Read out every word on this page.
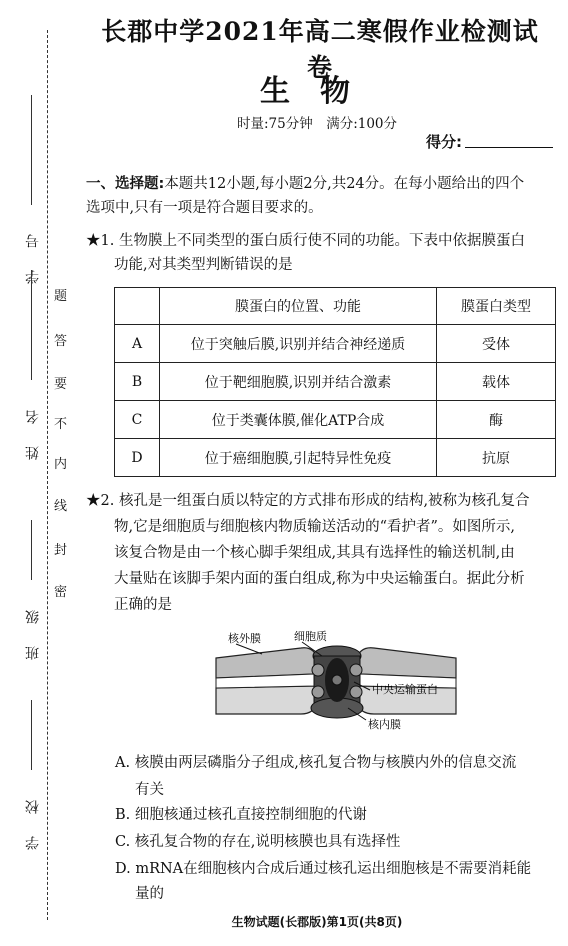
题
答
要
不
内
线
封
密
学号
姓名
班级
学校
长郡中学2021年高二寒假作业检测试卷
生　物
时量:75分钟　满分:100分
得分:
一、选择题:本题共12小题,每小题2分,共24分。在每小题给出的四个
选项中,只有一项是符合题目要求的。
★1. 生物膜上不同类型的蛋白质行使不同的功能。下表中依据膜蛋白
功能,对其类型判断错误的是
	膜蛋白的位置、功能	膜蛋白类型
A	位于突触后膜,识别并结合神经递质	受体
B	位于靶细胞膜,识别并结合激素	载体
C	位于类囊体膜,催化ATP合成	酶
D	位于癌细胞膜,引起特异性免疫	抗原
★2. 核孔是一组蛋白质以特定的方式排布形成的结构,被称为核孔复合
物,它是细胞质与细胞核内物质输送活动的“看护者”。如图所示,
该复合物是由一个核心脚手架组成,其具有选择性的输送机制,由
大量贴在该脚手架内面的蛋白组成,称为中央运输蛋白。据此分析
正确的是
核外膜	细胞质
中央运输蛋白
核内膜
A. 核膜由两层磷脂分子组成,核孔复合物与核膜内外的信息交流
有关
B. 细胞核通过核孔直接控制细胞的代谢
C. 核孔复合物的存在,说明核膜也具有选择性
D. mRNA在细胞核内合成后通过核孔运出细胞核是不需要消耗能
量的
生物试题(长郡版)第1页(共8页)
